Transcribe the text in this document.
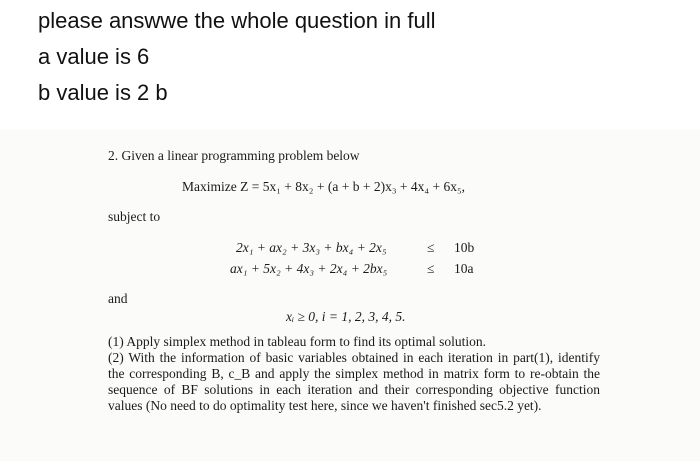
please answwe the whole question in full
a value is 6
b value is 2 b
2. Given a linear programming problem below
Maximize Z = 5x₁ + 8x₂ + (a + b + 2)x₃ + 4x₄ + 6x₅,
subject to
2x₁ + ax₂ + 3x₃ + bx₄ + 2x₅	≤ 10b
ax₁ + 5x₂ + 4x₃ + 2x₄ + 2bx₅	≤ 10a
and
xᵢ ≥ 0, i = 1, 2, 3, 4, 5.

(1) Apply simplex method in tableau form to find its optimal solution.

(2) With the information of basic variables obtained in each iteration in part(1), identify the corresponding B, c_B and apply the simplex method in matrix form to re-obtain the sequence of BF solutions in each iteration and their corresponding objective function values (No need to do optimality test here, since we haven't finished sec5.2 yet).
